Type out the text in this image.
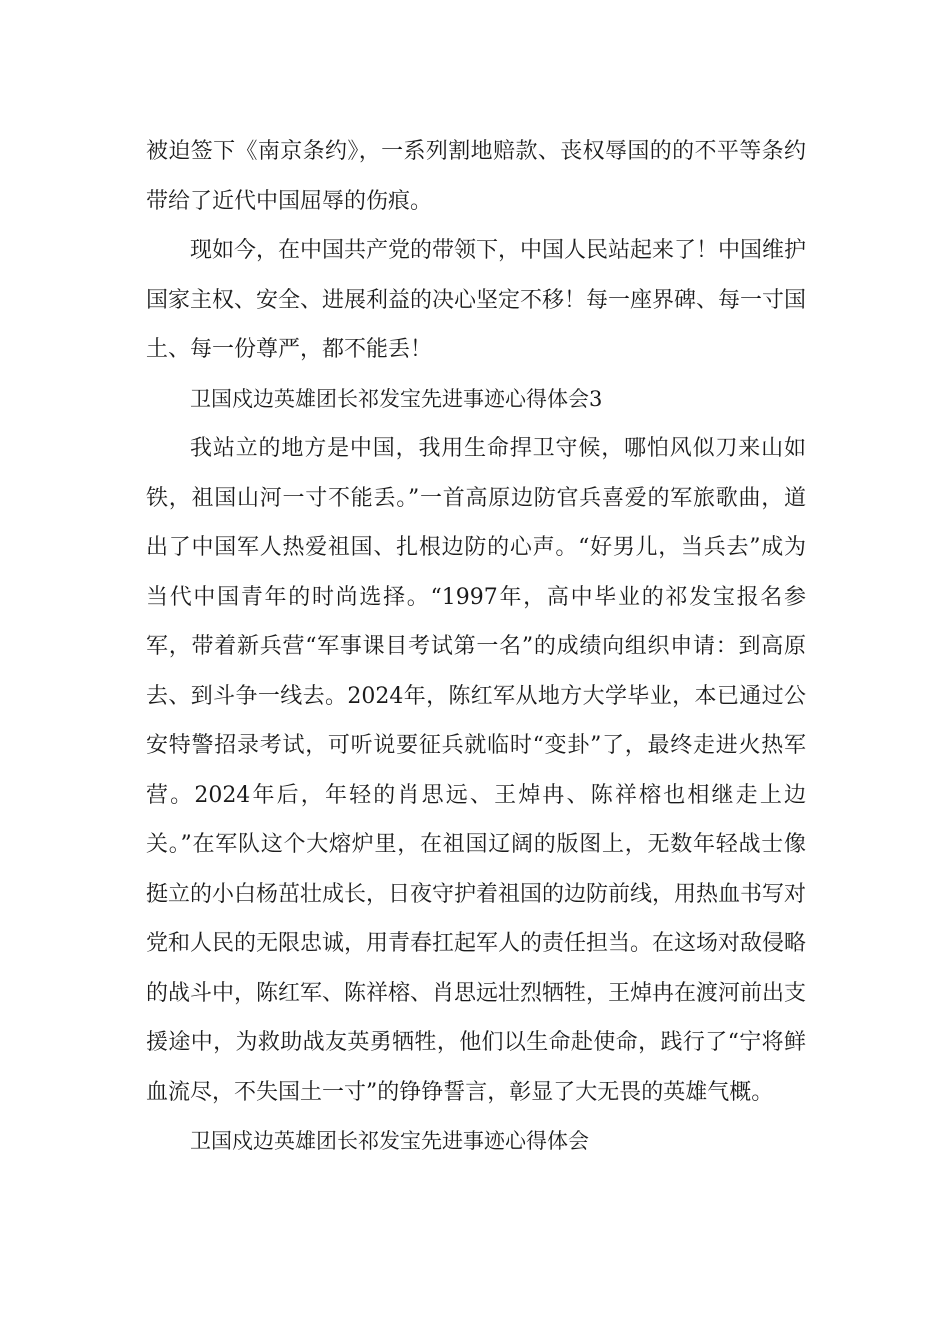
被迫签下《南京条约》，一系列割地赔款、丧权辱国的的不平等条约带给了近代中国屈辱的伤痕。

现如今，在中国共产党的带领下，中国人民站起来了！中国维护国家主权、安全、进展利益的决心坚定不移！每一座界碑、每一寸国土、每一份尊严，都不能丢！

卫国戍边英雄团长祁发宝先进事迹心得体会3

我站立的地方是中国，我用生命捍卫守候，哪怕风似刀来山如铁，祖国山河一寸不能丢。”一首高原边防官兵喜爱的军旅歌曲，道出了中国军人热爱祖国、扎根边防的心声。“好男儿，当兵去”成为当代中国青年的时尚选择。“1997年，高中毕业的祁发宝报名参军，带着新兵营“军事课目考试第一名”的成绩向组织申请：到高原去、到斗争一线去。2024年，陈红军从地方大学毕业，本已通过公安特警招录考试，可听说要征兵就临时“变卦”了，最终走进火热军营。2024年后，年轻的肖思远、王焯冉、陈祥榕也相继走上边关。”在军队这个大熔炉里，在祖国辽阔的版图上，无数年轻战士像挺立的小白杨茁壮成长，日夜守护着祖国的边防前线，用热血书写对党和人民的无限忠诚，用青春扛起军人的责任担当。在这场对敌侵略的战斗中，陈红军、陈祥榕、肖思远壮烈牺牲，王焯冉在渡河前出支援途中，为救助战友英勇牺牲，他们以生命赴使命，践行了“宁将鲜血流尽，不失国土一寸”的铮铮誓言，彰显了大无畏的英雄气概。

卫国戍边英雄团长祁发宝先进事迹心得体会
